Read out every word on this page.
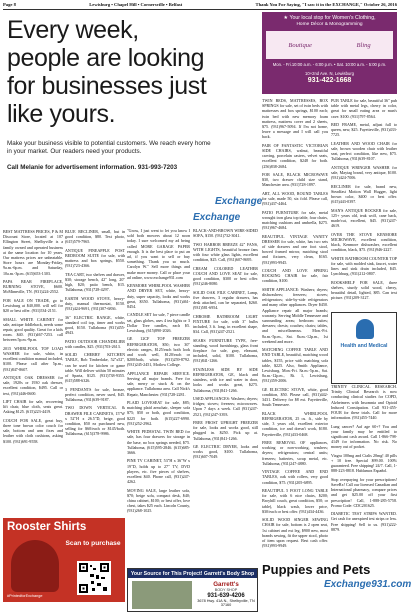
Page 8	Lewisburg • Chapel Hill • Cornersville • Belfast	Thank You For Saying, "I saw it in the EXCHANGE," October 26, 2016
Every week, people are looking for businesses just like yours.
Make your business visible to potential customers. We reach every home in your market. Our readers need your products.
Call Melanie for advertisement information. 931-993-7203
Exchange
★ Your local stop for Women's Clothing,
Home Décor & Monogramming
Boutique	Bling
Mon. - Fri.10:00 a.m. - 6:00 p.m. • Sat. 10:00 a.m. - 5:00 p.m.
10+2nd Ave. N, Lewisburg
931-422-1668

BEST MATTRESS PRICES, P & M Discount Store, located at 107 Ellington Street, Shelbyville is a family owned and operated business at the same location for 10 years. Our mattress prices are unbeatable. Store hours are Monday-Friday, 9a.m.-6p.m. and Saturday, 10a.m.-3p.m. (615)653-1303.

PAPA BEAR FIREPLACE, BURNING STOVE, $600. McMinnville, TN. (931)224-2552.

FOR SALE ON TRADE, go to Lewisburg at $40,000. will sell for $20 or best offer. (931)534-2151.

SMALL WHITE CABINET for sale, antique fiddleback, needs some repair, good quality. Great for a kids room. $40. (931)467-7253. call between 5p.m.-9p.m.

2015 WHIRLPOOL TOP LOAD WASHER for sale, white, in excellent condition manual included, $100. Please call after 5p.m., (931)847-8607.

ANTIQUE OAK DRESSER for sale, 1920s or 1930 oak dresser, excellent condition, $495. Call or text, (931)446-0600.

LIFT CHAIR for sale, recovering lift chair, blue cloth, seats great. Asking $125. (615)223-4419.

COUCH FOR SALE, great buy, three tone brown color couch for sale, bottom and arm fixes and leather with cloth cushions, asking $100. (931)691-9558.

BLUE RECLINER, small, but in good condition, $80. Text photo, (615)579-7965.

ANTIQUE PINEAPPLE POST BEDROOM SUITE for sale, with mattress and box springs, $550. (931)723-4366.

TEA CART, two shelves and drawer, $30; storage bench, 42" long, 20" high, $20; patio bench, $15. Tullahoma, (931)728-4297.

EARTH WOOD STOVE, heavy-duty, manual thermostat, $150. (931)424-9691, (931)307-6836.

36" ELECTRIC RANGE, white, standard coil top, timer and works good, $150. Tullahoma (931)455-4943.

PATIO OUTDOOR CHANDELIER with candles, $25. (931)703-2613.

SOLID CHERRY KITCHEN TABLE, Bob Timberlake, 52"x52", can be used for kitchen or game table. Will deliver within 50 minutes of Sparta, $125. (931)738-9355. (615)588-6326.

3 PENDANTS for sale, bronze, perfect condition, never used, $45. Tullahoma, (931)639-9187.

TWO DOWN VERTICAL & DRAWER FILE CABINETS, 15"W x 52"H x 26.5"D, beige, good condition, $50 ea purchased new, selling for $60/each or $145/both. Tullahoma, (615)378-9986.

"Gross, I just went to let you know I sold both mowers about 12 noon today. I sure welcomed my ad being called MORE GARAGE PAPER enough. It is the best place to put an ad, if you want to sell or buy something. Thank you so much. Carolyn W." Sell more things and make more money. Call or place your ad online, www.exchange931.com

KENMORE WHIRLPOOL WASHER AND DRYER SET, white, heavy-duty, super capacity, looks and works great, $350. Tullahoma, (931)461-8454.

CANDLE SET for sale, 7 piece candle set, glass globes, uses 4 tea lights or 3 Dollar Tree candles, each $5. Lewisburg, (615)890-2026.

GE 12CF TOP FREEZER REFRIGERATOR, $50; two 30" electric ranges, $125/each both look and work well, $120/each or $200/both, white. (931)259-8792. (931)245-2451, Motlow College.

APPLIANCE REPAIR SERVICE. Serving all major brands. Free for sale, merry or stuck & on the appliance. Tullahoma area. Call Nick's Repair, Manchester. (931)728-2281.

PLAID LOVESEAT for sale, $85; matching plaid armchair, sleeper sofa $75; $50 or both, good condition, $225 for both. (615)227-6990. (931)252-2962.

WHITE PEDESTAL TWIN BED for sale, has four drawers for storage in the base, no box springs needed, $75. Tullahoma, (615)595-2846. (615)685-3666.

PINE TV CABINET, 53"H x 36"W x 19"D, holds up to 27" TV, DVD players, etc. five pieces of shelves, excellent $40. Phone call, (931)247-4262.

MOVING SALE, large leather sofa, $70; beige sofa, compact desk, $40; china cabinet, $100; or best offer, love chest, takes $25 each. Lincoln County, (931)268-1025.

Exchange

BLACK-AND-BROWN WIRE-SIDED SOFA, $150. (931)732-3041.

TWO HARBOR BREEZE 42" FANS, WITH LIGHTS, beautiful bronze fans with four white glass lights, excellent condition, $25. Call, (931)607-8695.

CREAM COLORED LEATHER COUCH AND LOVE SEAT for sale, good condition, $300 or best offer. (931)246-8080.

SOLID OAK FILE CABINET, Lamp, five drawers, 3 regular drawers, has desk attached, can be separated, $260. (931)581-6954.

CHROME BATHROOM LIGHT FIXTURE for sale, with 3" bulbs included, 3 ft. long, in excellent shape, $34. Call, (931)247-2521.

SEARS FURNITURE TYPE, free-standing, wood furnishings, glass front fireplace for sale, gray, eleasant, included, solid, $100. Tullahoma, (931)841-1266.

STAINLESS SIDE BY SIDE REFRIGERATOR, GE, black and stainless, with ice and water in door, looks and works great, $275. Tullahoma, (931)841-1266.

USED APPLIANCES: Washers; dryers; fridges; stoves; freezers; microwaves. Upon 7 days a week. Call (931)247-2521, (931)247-3393.

FREE FROST UPRIGHT FREEZER for sale, looks and works good, still plugged in. $250. Pick up at. Tullahoma, (931)841-1266.

GE ELECTRIC DRYER, looks and works good, $100. Tullahoma, (931)607-7049.

TWIN BEDS, MATTRESSES, BOX SPRINGS for sale, set of twin beds with mattresses and box springs, $100 each; twin bed with new memory foam mattress, mattress cover and 2 sheets, $75. (931)967-5094. If I'm not home, leave a message and I will call you back.

PAIR OF FANTASTIC VICTORIAN SIDE CHAIRS, walnut, beautiful carving, porcelain casters, velvet seats, excellent condition, $248 for both. (256)838-2684.

FOR SALE, BLACK MICROWAVE $30, two drawer child size stand, Manchester area. (931)728-1897.

ART, ALL WOOD, ROUND TABLES for sale, made 50, six fold. Please call, (931)437-4464.

PATIO FURNITURE for sale, metal wrought iron glass top table, four chairs, matching cushions and umbrella, $275. (931)967-4684.

BEAUTIFUL VINTAGE VANITY DRESSER for sale, white, has two sets of side drawers and one foot stool, bowed framed mirror, matching stool and fixtures, very clean, $165. (931)993-9945.

COUCH AND LOVE SPRING ROCKING CHAIR for sale, fair condition, $100.

SMITH APPLIANCE: Washers; dryers; dishwashers; freezers; stoves; refrigerators; side-by-side refrigerators and many other appliances. Dryer $450. Appliance repair all major brands; warranty. Serving Middle Tennessee and surrounding areas; bedroom suites; dressers; chests; couches; chairs; tables, and miscellaneous. Mon.-Fri. 8a.m.-5p.m., Sat. 8a.m.-12p.m., 1st weekend and more.

MATCHING COFFEE TABLE AND END TABLE, beautiful, matching wood tables, $155, price with matching sofa table, $225. Also, Smith Appliance, Lewisburg. Mon.-Fri. 8a.m.-5p.m., Sat. 8a.m.-12p.m., Rt. 1, Lewisburg, (931)359-2006.

GE ELECTRIC STOVE, white, good condition, $50. Please call, (931)442-3431. Delivery for $8 ext. Fayetteville, South Tennessee.

BLACK WHIRLPOOL REFRIGERATOR, 25 cu. ft., side by side, 3 years old, excellent exterior condition, ice and doesn't work, $180. Fayetteville, (931)433-0468.

FREE REMOVAL OF appliances, working or non-working, washers; dryers; refrigerators; central units; freezers; batteries, scrap metal, etc. Tullahoma, (931)247-4880.

VINTAGE COFFEE AND END TABLES, oak with rollers, very good condition, $75. (931)205-6895.

BEAUTIFUL 5 FOOT LONG TABLE for sale, with 6 nice chairs, $200; Broyhill couch, great condition, $50; or table), black wash, lower price, $30/each or best offer. (931)434-4436.

SOLID WOOD SINGER SEWING CHAIR for sale, bottom is 2 open seat, 1st cabinet and ext leg, $900 new, most brands sewing, fit the upper stool, photo of item upon request. Best cash offer. (931)993-9949.

PUB TABLE for sale, beautiful 36" pub table with metal legs, cherry in color, great for small eating area or man's cave. $100. (931)797-8564.

BED FRAME, metal, adjust full to queen, new, $25. Fayetteville, (931)433-7725.

LEATHER AND WOOD CHAIR for sale, brown wooden chair with leather seat, perfect condition, like new, $75. Tullahoma, (931)639-8107.

ANTIQUE WRINGER WASHER for sale, Maytag brand, very antique, $100. (931)424-7006.

RECLINER for sale, brand new, Steadfast Motion Wall Hugger, light brown color, $400 or best offer. (615)443-0397.

MAN'S ANTIQUE ROCKER for sale, 125+ years old, teak wolf, cane back, made/cut, excellent, $45. (931)247-4619.

OVER THE STOVE KENMORE MICROWAVE, excellent condition, black, Kenmore dishwasher, excellent condition, black, $75. (931)946-2227.

WHITE BATHROOM COUNTER TOP for sale, with molded sink, faucet, water lines and sink drain included, $45. Lynchburg, (931)212-0807.

BOOKSHELF FOR SALE, three shelves, sturdy solid wood, cherry, beautiful detail, lighted, $85. Can text picture. (931)209-3127.

Health and Medical

TRINITY CLINICAL RESEARCH. Trinity Clinical Research is now conducting clinical studies for COPD, Alzheimers with Insomnia and Opioid Induced Constipation. Call 931-455-FOUR for these trials. Call for more information. (931)455-7440.

Lung cancer? Aaf age 60+? You and your family may be entitled to significant cash award. Call 1-866-798-4149 for information. No risk. No money out of pocket.

Viagra 100mg and Cialis 20mg! 40 pills + 10 free. Special $99.00. 100% guaranteed. Free shipping! 24/7. Call, 1-888-223-8818. Hablamos Español.

Stop overpaying for your prescriptions! SaveRx! Call our licensed Canadian and International pharmacy, compare prices and get $25.00 off your first prescription! Call, 1-888-285-5758. Promo Code: CDC201625.

DIABETIC TEST STRIPS WANTED. Get cash for unexpired test strips or less. Free shipping! Sell to us. (931)222-8879.

Rooster Shirts
Scan to purchase
#PrintedforExchange
Your Source for This Project! Garrett's Body Shop
Garrett's
BODY SHOP
931-639-4206
3678 Hwy. 41A N., Shelbyville, TN 37160
Puppies and Pets
Exchange931.com
